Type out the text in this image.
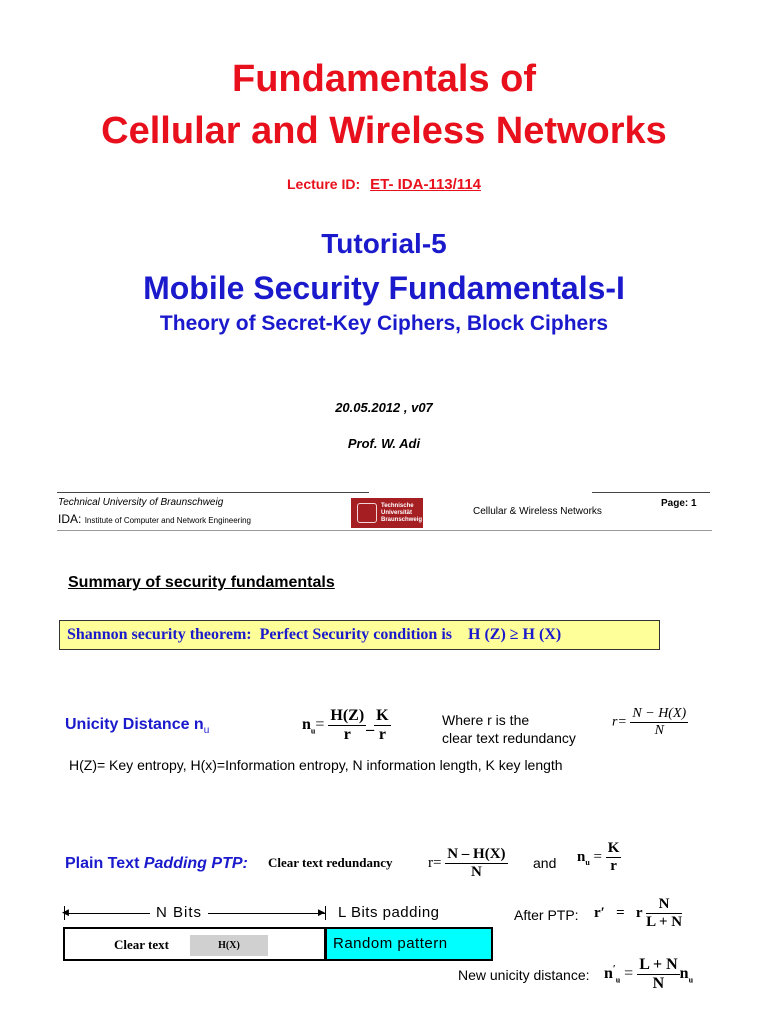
Fundamentals of
Cellular and Wireless Networks
Lecture ID: ET- IDA-113/114
Tutorial-5
Mobile Security Fundamentals-I
Theory of Secret-Key Ciphers, Block Ciphers
20.05.2012 , v07
Prof. W. Adi
Technical University of Braunschweig
IDA: Institute of Computer and Network Engineering
Technische Universität Braunschweig
Cellular & Wireless Networks
Page: 1
Summary of security fundamentals
Shannon security theorem:  Perfect Security condition is    H (Z) ≥ H (X)
Unicity Distance $n_u$	$n_u= \frac{H(Z)}{r}$ _ $\frac{K}{r}$	Where r is the
clear text redundancy
$r= \frac{N - H(X)}{N}$
H(Z)= Key entropy, H(x)=Information entropy, N information length, K key length
Plain Text Padding PTP: Clear text redundancy $r= \frac{N - H(X)}{N}$ and $n_u = \frac{K}{r}$
◀	▶
N Bits	L Bits padding	After PTP: r′   =   r $\frac{N}{L + N}$
Clear text	H(X)	Random pattern
New unicity distance: $n'_u = \frac{L + N}{N} n_u$
